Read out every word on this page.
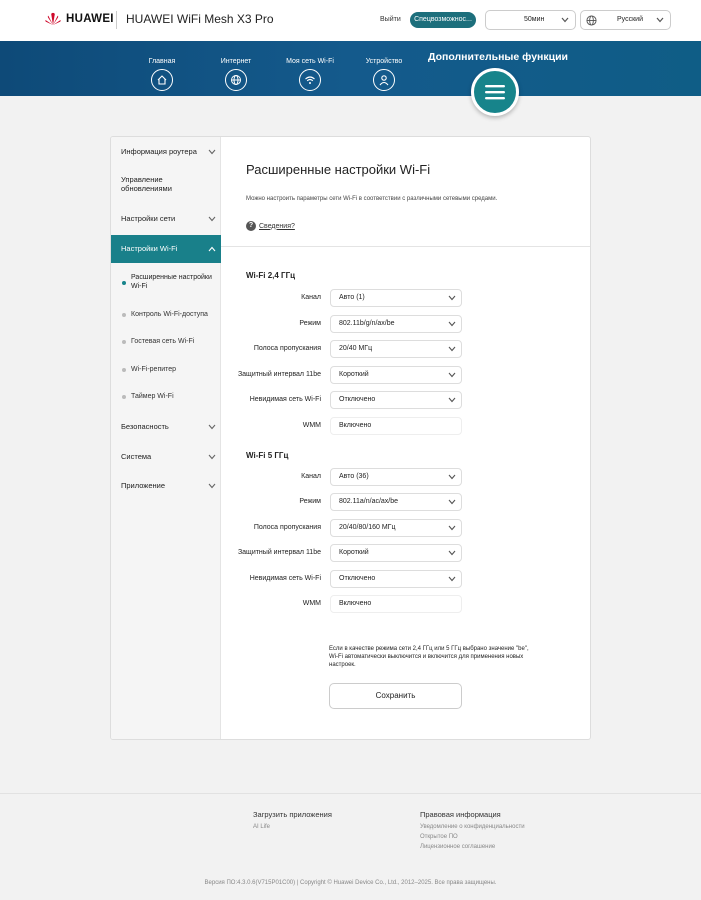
HUAWEI HUAWEI WiFi Mesh X3 Pro	Выйти	Спецвозможнос...	50мин	Русский
Главная	Интернет	Моя сеть Wi-Fi	Устройство	Дополнительные функции
Информация роутера
Управление обновлениями
Настройки сети
Настройки Wi-Fi
Расширенные настройки Wi-Fi
Контроль Wi-Fi-доступа
Гостевая сеть Wi-Fi
Wi-Fi-репитер
Таймер Wi-Fi
Безопасность
Система
Приложение
Расширенные настройки Wi-Fi
Можно настроить параметры сети Wi-Fi в соответствии с различными сетевыми средами.
? Сведения?
Wi-Fi 2,4 ГГц
Канал	Авто (1)
Режим	802.11b/g/n/ax/be
Полоса пропускания	20/40 МГц
Защитный интервал 11be	Короткий
Невидимая сеть Wi-Fi	Отключено
WMM	Включено
Wi-Fi 5 ГГц
Канал	Авто (36)
Режим	802.11a/n/ac/ax/be
Полоса пропускания	20/40/80/160 МГц
Защитный интервал 11be	Короткий
Невидимая сеть Wi-Fi	Отключено
WMM	Включено
Если в качестве режима сети 2,4 ГГц или 5 ГГц выбрано значение "be", Wi-Fi автоматически выключится и включится для применения новых настроек.
Сохранить
Загрузить приложения
AI Life
Правовая информация
Уведомление о конфиденциальности
Открытое ПО
Лицензионное соглашение
Версия ПО:4.3.0.6(V715P01C00) | Copyright © Huawei Device Co., Ltd., 2012–2025. Все права защищены.
